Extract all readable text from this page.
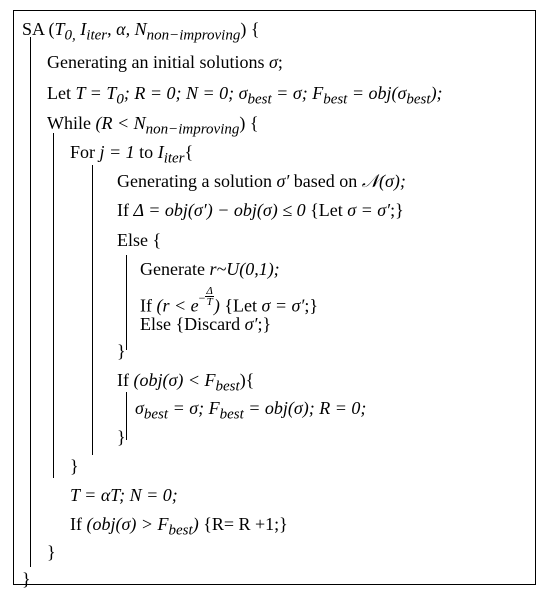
SA ($T_{0,}$ $I_{iter}$, α, $N_{non-improving}$) {
Generating an initial solutions σ;
Let $T = T_0$; R = 0; N = 0; $\sigma_{best} = \sigma$; $F_{best} = obj(\sigma_{best})$;
While $(R < N_{non-improving})$ {
For j = 1 to $I_{iter}${
Generating a solution σ′ based on 𝒩(σ);
If Δ = obj(σ′) − obj(σ) ≤ 0 {Let σ = σ′;}
Else {
Generate r~U(0,1);
If ($r < e^- \frac{\Delta}{T}$ ) {Let σ = σ′;}
Else {Discard σ′;}
}
If $(obj(\sigma) < F_{best})${
$\sigma_{best} = \sigma$; $F_{best} = obj(\sigma)$; R = 0;
}
}
T = αT; N = 0;
If $(obj(\sigma) > F_{best})$ {R= R +1;}
}
}
